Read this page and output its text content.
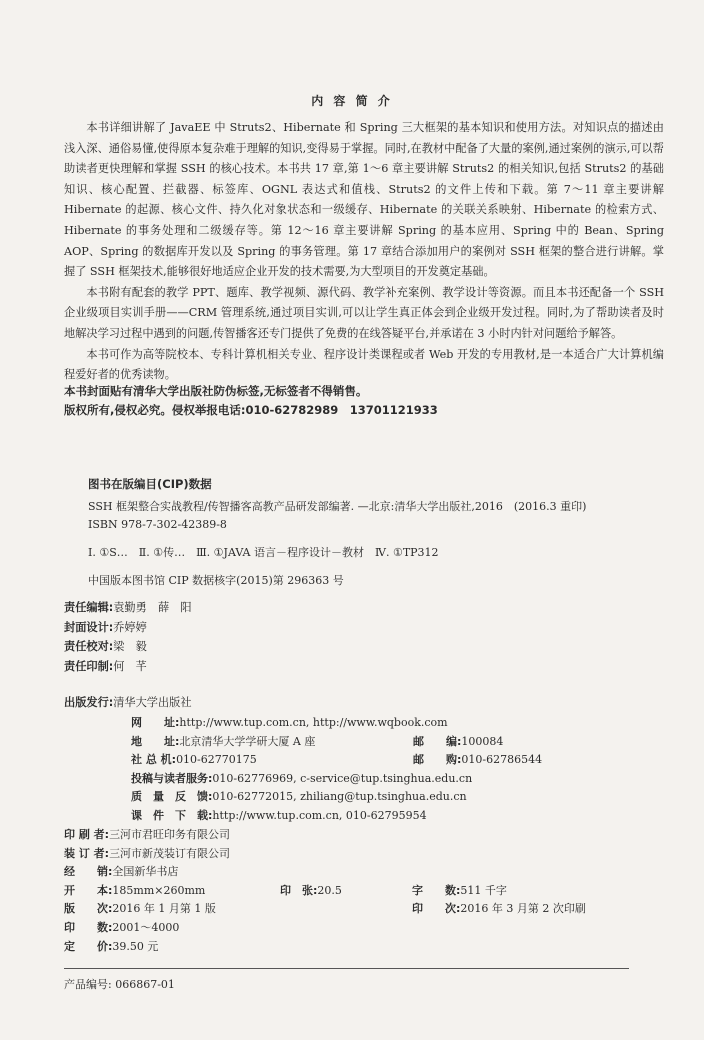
内 容 简 介

本书详细讲解了 JavaEE 中 Struts2、Hibernate 和 Spring 三大框架的基本知识和使用方法。对知识点的描述由浅入深、通俗易懂,使得原本复杂难于理解的知识,变得易于掌握。同时,在教材中配备了大量的案例,通过案例的演示,可以帮助读者更快理解和掌握 SSH 的核心技术。本书共 17 章,第 1～6 章主要讲解 Struts2 的相关知识,包括 Struts2 的基础知识、核心配置、拦截器、标签库、OGNL 表达式和值栈、Struts2 的文件上传和下载。第 7～11 章主要讲解 Hibernate 的起源、核心文件、持久化对象状态和一级缓存、Hibernate 的关联关系映射、Hibernate 的检索方式、Hibernate 的事务处理和二级缓存等。第 12～16 章主要讲解 Spring 的基本应用、Spring 中的 Bean、Spring AOP、Spring 的数据库开发以及 Spring 的事务管理。第 17 章结合添加用户的案例对 SSH 框架的整合进行讲解。掌握了 SSH 框架技术,能够很好地适应企业开发的技术需要,为大型项目的开发奠定基础。

本书附有配套的教学 PPT、题库、教学视频、源代码、教学补充案例、教学设计等资源。而且本书还配备一个 SSH 企业级项目实训手册——CRM 管理系统,通过项目实训,可以让学生真正体会到企业级开发过程。同时,为了帮助读者及时地解决学习过程中遇到的问题,传智播客还专门提供了免费的在线答疑平台,并承诺在 3 小时内针对问题给予解答。

本书可作为高等院校本、专科计算机相关专业、程序设计类课程或者 Web 开发的专用教材,是一本适合广大计算机编程爱好者的优秀读物。

本书封面贴有清华大学出版社防伪标签,无标签者不得销售。
版权所有,侵权必究。侵权举报电话:010-62782989　13701121933
图书在版编目(CIP)数据
SSH 框架整合实战教程/传智播客高教产品研发部编著. —北京:清华大学出版社,2016　(2016.3 重印)
ISBN 978-7-302-42389-8
Ⅰ. ①S…　Ⅱ. ①传…　Ⅲ. ①JAVA 语言－程序设计－教材　Ⅳ. ①TP312
中国版本图书馆 CIP 数据核字(2015)第 296363 号
责任编辑:袁勤勇　薛　阳
封面设计:乔婷婷
责任校对:梁　毅
责任印制:何　芊
出版发行:清华大学出版社
网　　址:http://www.tup.com.cn, http://www.wqbook.com
地　　址:北京清华大学学研大厦 A 座	邮　　编:100084
社 总 机:010-62770175	邮　　购:010-62786544
投稿与读者服务:010-62776969, c-service@tup.tsinghua.edu.cn
质　量　反　馈:010-62772015, zhiliang@tup.tsinghua.edu.cn
课　件　下　载:http://www.tup.com.cn, 010-62795954
印 刷 者:三河市君旺印务有限公司
装 订 者:三河市新茂装订有限公司
经　　销:全国新华书店
开　　本:185mm×260mm	印　张:20.5	字　　数:511 千字
版　　次:2016 年 1 月第 1 版	印　　次:2016 年 3 月第 2 次印刷
印　　数:2001～4000
定　　价:39.50 元
产品编号: 066867-01
